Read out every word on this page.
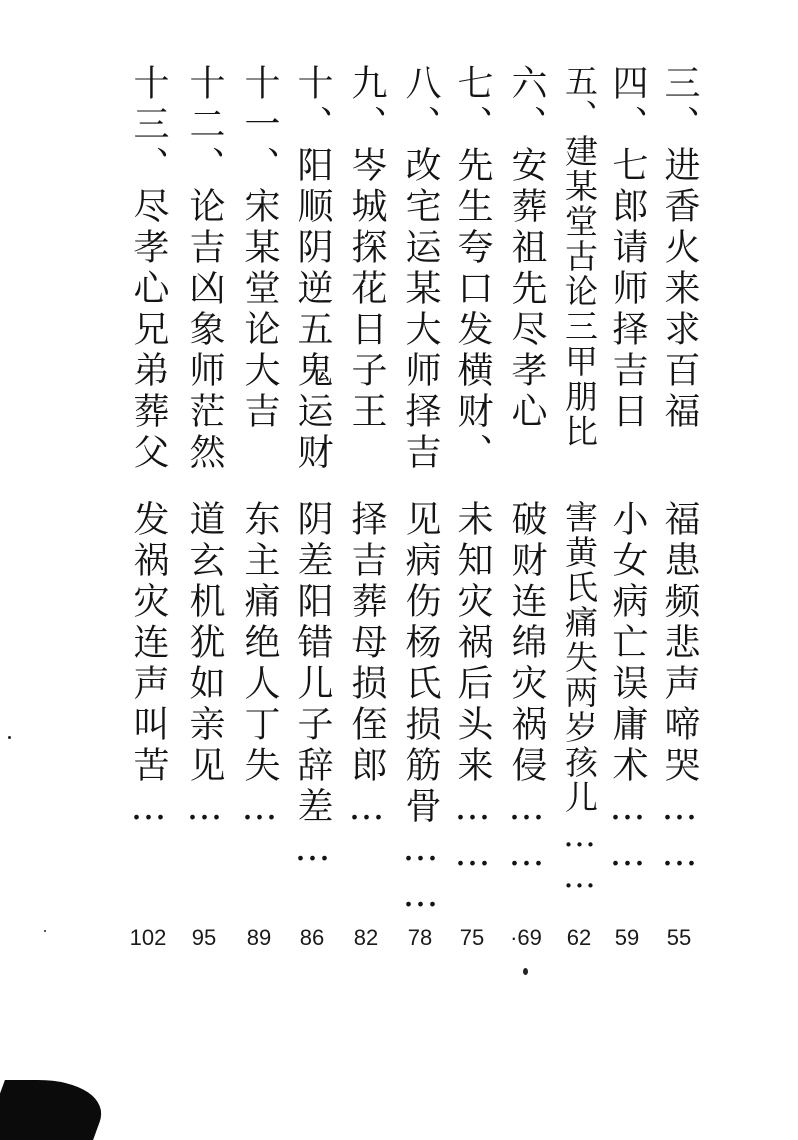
三、进香火来求百福
福患频悲声啼哭……
55
四、七郎请师择吉日
小女病亡误庸术……
59
五、建某堂古论三甲朋比
害黄氏痛失两岁孩儿……
62
六、安葬祖先尽孝心
破财连绵灾祸侵……
·69
七、先生夸口发横财、
未知灾祸后头来……
75
八、改宅运某大师择吉
见病伤杨氏损筋骨……
78
九、岑城探花日子王
择吉葬母损侄郎…
82
十、阳顺阴逆五鬼运财
阴差阳错儿子辞差…
86
十一、宋某堂论大吉
东主痛绝人丁失…
89
十二、论吉凶象师茫然
道玄机犹如亲见…
95
十三、尽孝心兄弟葬父
发祸灾连声叫苦…
102
